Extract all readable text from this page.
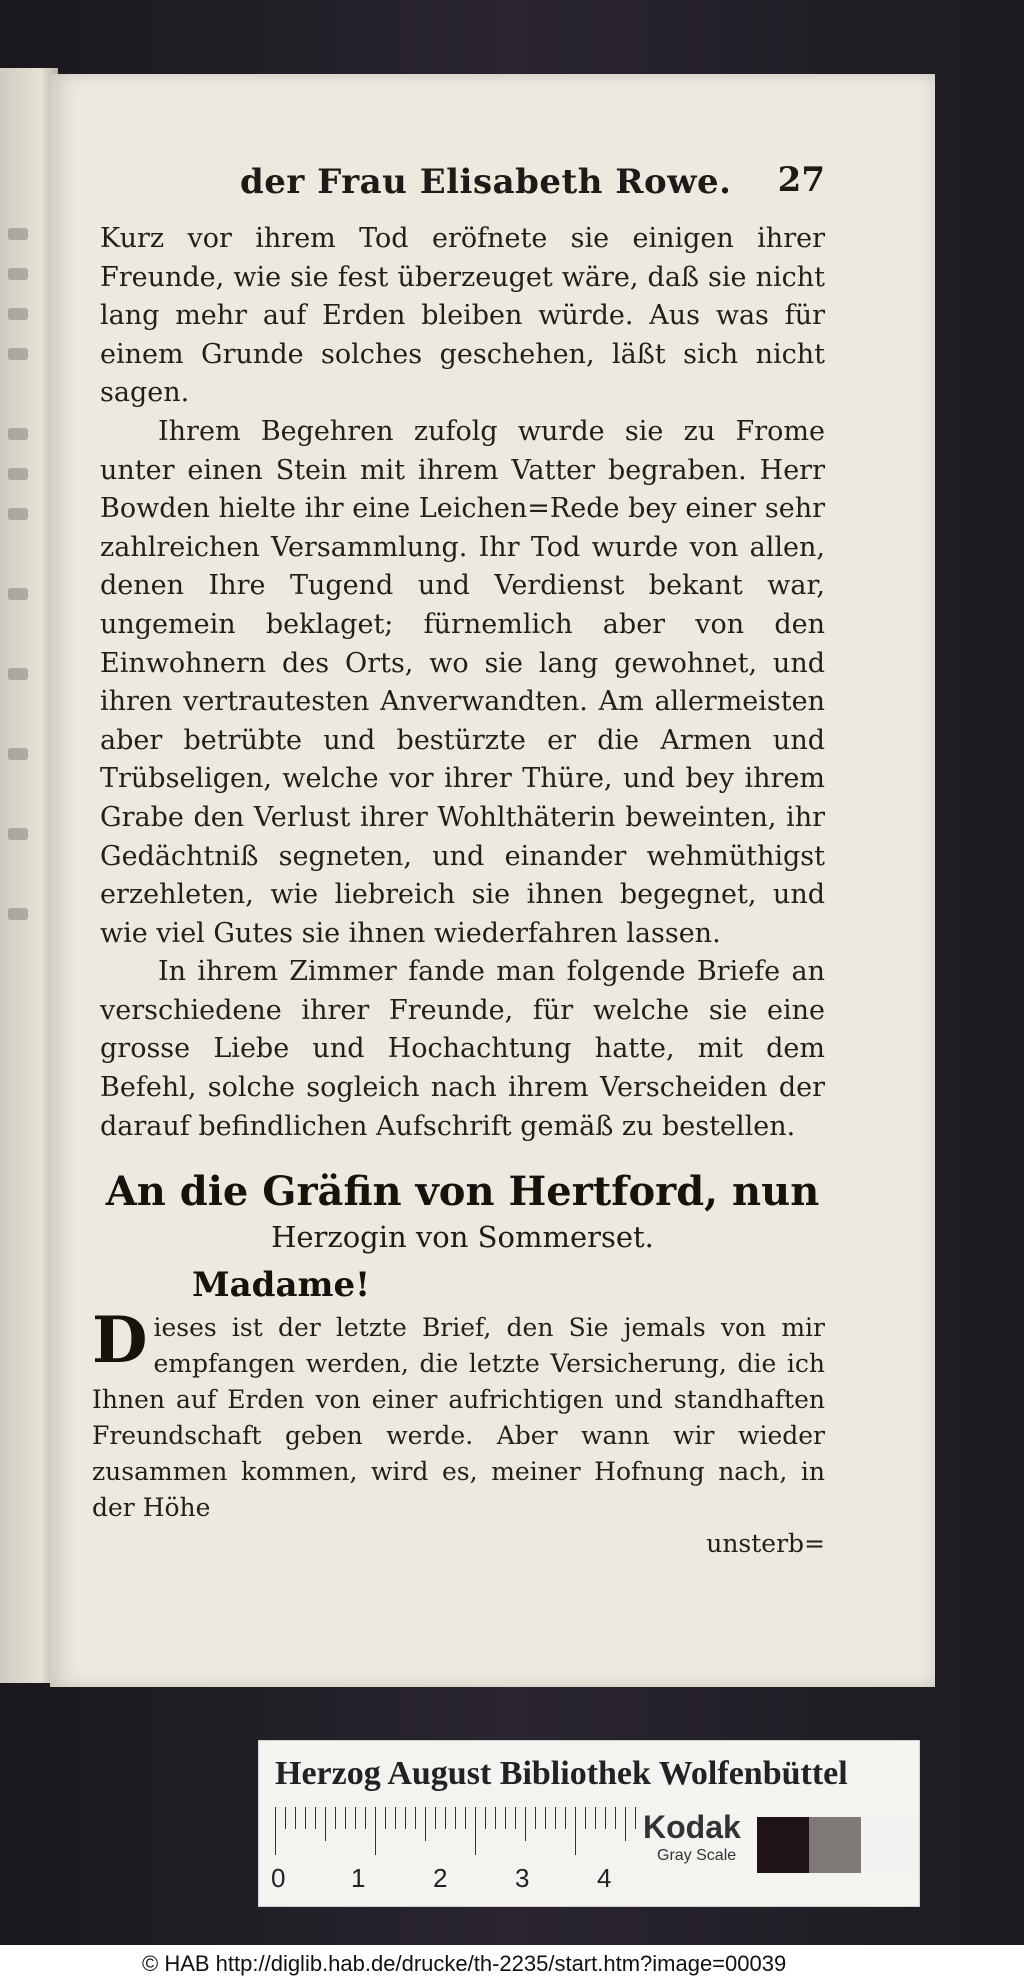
der Frau Elisabeth Rowe. 27

Kurz vor ihrem Tod eröfnete sie einigen ihrer Freunde, wie sie fest überzeuget wäre, daß sie nicht lang mehr auf Erden bleiben würde. Aus was für einem Grunde solches geschehen, läßt sich nicht sagen.

Ihrem Begehren zufolg wurde sie zu Frome unter einen Stein mit ihrem Vatter begraben. Herr Bowden hielte ihr eine Leichen=Rede bey einer sehr zahlreichen Versammlung. Ihr Tod wurde von allen, denen Ihre Tugend und Verdienst bekant war, ungemein beklaget; fürnemlich aber von den Einwohnern des Orts, wo sie lang gewohnet, und ihren vertrautesten Anverwandten. Am allermeisten aber betrübte und bestürzte er die Armen und Trübseligen, welche vor ihrer Thüre, und bey ihrem Grabe den Verlust ihrer Wohlthäterin beweinten, ihr Gedächtniß segneten, und einander wehmüthigst erzehleten, wie liebreich sie ihnen begegnet, und wie viel Gutes sie ihnen wiederfahren lassen.

In ihrem Zimmer fande man folgende Briefe an verschiedene ihrer Freunde, für welche sie eine grosse Liebe und Hochachtung hatte, mit dem Befehl, solche sogleich nach ihrem Verscheiden der darauf befindlichen Aufschrift gemäß zu bestellen.

An die Gräfin von Hertford, nun
Herzogin von Sommerset.
Madame!
D ieses ist der letzte Brief, den Sie jemals von mir empfangen werden, die letzte Versicherung, die ich Ihnen auf Erden von einer aufrichtigen und standhaften Freundschaft geben werde. Aber wann wir wieder zusammen kommen, wird es, meiner Hofnung nach, in der Höhe
unsterb=
Herzog August Bibliothek Wolfenbüttel
0	1	2	3	4
Kodak
Gray Scale
© HAB http://diglib.hab.de/drucke/th-2235/start.htm?image=00039
